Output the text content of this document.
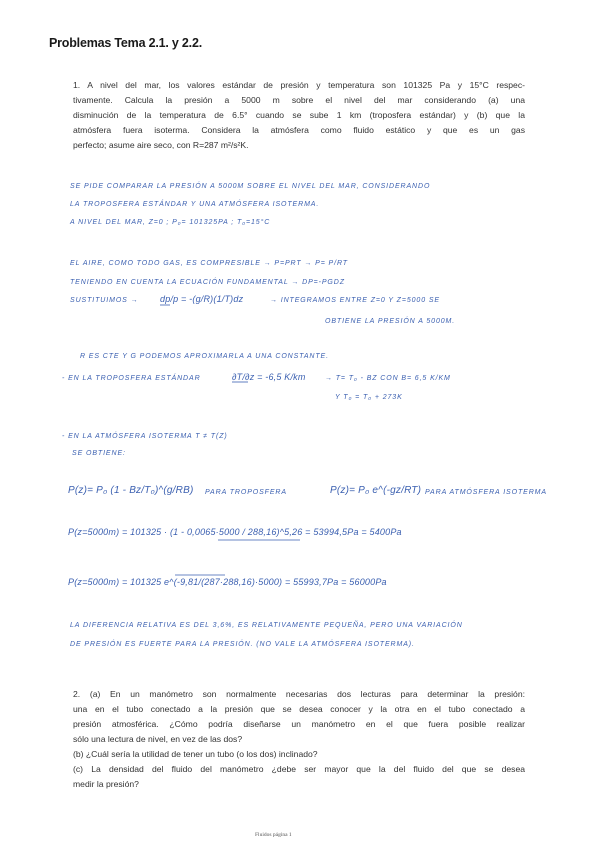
Problemas Tema 2.1. y 2.2.
1. A nivel del mar, los valores estándar de presión y temperatura son 101325 Pa y 15°C respec-
tivamente. Calcula la presión a 5000 m sobre el nivel del mar considerando (a) una
disminución de la temperatura de 6.5° cuando se sube 1 km (troposfera estándar) y (b) que la
atmósfera fuera isoterma. Considera la atmósfera como fluido estático y que es un gas
perfecto; asume aire seco, con R=287 m²/s²K.
SE PIDE COMPARAR LA PRESIÓN A 5000M SOBRE EL NIVEL DEL MAR, CONSIDERANDO
LA TROPOSFERA ESTÁNDAR Y UNA ATMÓSFERA ISOTERMA.
A NIVEL DEL MAR, Z=0 ; P₀= 101325PA ; T₀=15°C
EL AIRE, COMO TODO GAS, ES COMPRESIBLE → P=ΡRT → Ρ= P/RT
TENIENDO EN CUENTA LA ECUACIÓN FUNDAMENTAL → DP=-ΡGDZ
SUSTITUIMOS → dp/p = -(g/R)(1/T)dz	→ INTEGRAMOS ENTRE Z=0 Y Z=5000 SE
OBTIENE LA PRESIÓN A 5000M.
R ES CTE Y G PODEMOS APROXIMARLA A UNA CONSTANTE.
- EN LA TROPOSFERA ESTÁNDAR	∂T/∂z = -6,5 K/km	→ T= T₀ - BZ CON B= 6,5 K/KM
Y T₀ = T₀ + 273K
- EN LA ATMÓSFERA ISOTERMA T ≠ T(Z)
SE OBTIENE:
P(z)= P₀ (1 - Bz/T₀)^(g/RB) PARA TROPOSFERA	P(z)= P₀ e^(-gz/RT) PARA ATMÓSFERA ISOTERMA
P(z=5000m) = 101325 · (1 - 0,0065·5000 / 288,16)^5,26 = 53994,5Pa = 5400Pa
P(z=5000m) = 101325 e^(-9,81/(287·288,16)·5000) = 55993,7Pa = 56000Pa
LA DIFERENCIA RELATIVA ES DEL 3,6%, ES RELATIVAMENTE PEQUEÑA, PERO UNA VARIACIÓN
DE PRESIÓN ES FUERTE PARA LA PRESIÓN. (NO VALE LA ATMÓSFERA ISOTERMA).
2. (a) En un manómetro son normalmente necesarias dos lecturas para determinar la presión:
una en el tubo conectado a la presión que se desea conocer y la otra en el tubo conectado a
presión atmosférica. ¿Cómo podría diseñarse un manómetro en el que fuera posible realizar
sólo una lectura de nivel, en vez de las dos?
(b) ¿Cuál sería la utilidad de tener un tubo (o los dos) inclinado?
(c) La densidad del fluido del manómetro ¿debe ser mayor que la del fluido del que se desea
medir la presión?
Fluidos página 1
